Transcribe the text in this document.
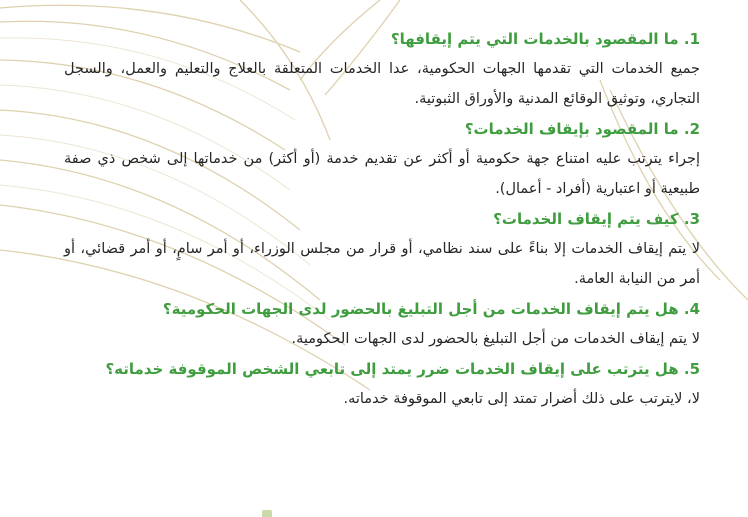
1. ما المقصود بالخدمات التي يتم إيقافها؟

جميع الخدمات التي تقدمها الجهات الحكومية، عدا الخدمات المتعلقة بالعلاج والتعليم والعمل، والسجل التجاري، وتوثيق الوقائع المدنية والأوراق الثبوتية.

2. ما المقصود بإيقاف الخدمات؟

إجراء يترتب عليه امتناع جهة حكومية أو أكثر عن تقديم خدمة (أو أكثر) من خدماتها إلى شخص ذي صفة طبيعية أو اعتبارية (أفراد - أعمال).

3. كيف يتم إيقاف الخدمات؟

لا يتم إيقاف الخدمات إلا بناءً على سند نظامي، أو قرار من مجلس الوزراء، أو أمر سامٍ، أو أمر قضائي، أو أمر من النيابة العامة.

4. هل يتم إيقاف الخدمات من أجل التبليغ بالحضور لدى الجهات الحكومية؟

لا يتم إيقاف الخدمات من أجل التبليغ بالحضور لدى الجهات الحكومية.

5. هل يترتب على إيقاف الخدمات ضرر يمتد إلى تابعي الشخص الموقوفة خدماته؟

لا، لايترتب على ذلك أضرار تمتد إلى تابعي الموقوفة خدماته.
